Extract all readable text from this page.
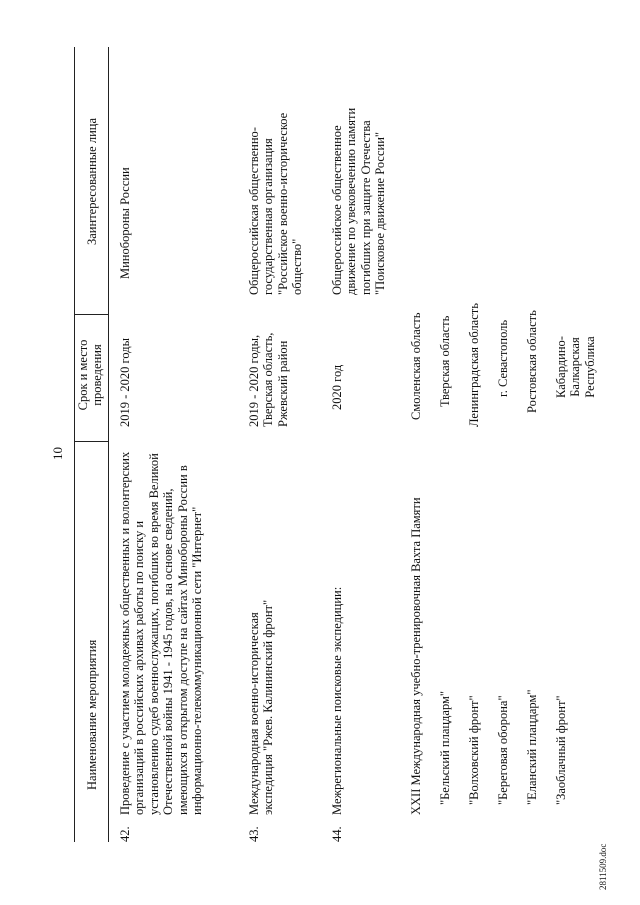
10
Наименование мероприятия
Срок и место проведения
Заинтересованные лица
42.
Проведение с участием молодежных общественных и волонтерских организаций в российских архивах работы по поиску и установлению судеб военнослужащих, погибших во время Великой Отечественной войны 1941 - 1945 годов, на основе сведений, имеющихся в открытом доступе на сайтах Минобороны России в информационно-телекоммуникационной сети "Интернет"
2019 - 2020 годы
Минобороны России
43.
Международная военно-историческая экспедиция "Ржев. Калининский фронт"
2019 - 2020 годы, Тверская область, Ржевский район
Общероссийская общественно-государственная организация "Российское военно-историческое общество"
44.
Межрегиональные поисковые экспедиции:
2020 год
Общероссийское общественное движение по увековечению памяти погибших при защите Отечества "Поисковое движение России"
XXII Международная учебно-тренировочная Вахта Памяти
Смоленская область
"Бельский плацдарм"
Тверская область
"Волховский фронт"
Ленинградская область
"Береговая оборона"
г. Севастополь
"Еланский плацдарм"
Ростовская область
"Заоблачный фронт"
Кабардино-Балкарская Республика
2811509.doc
